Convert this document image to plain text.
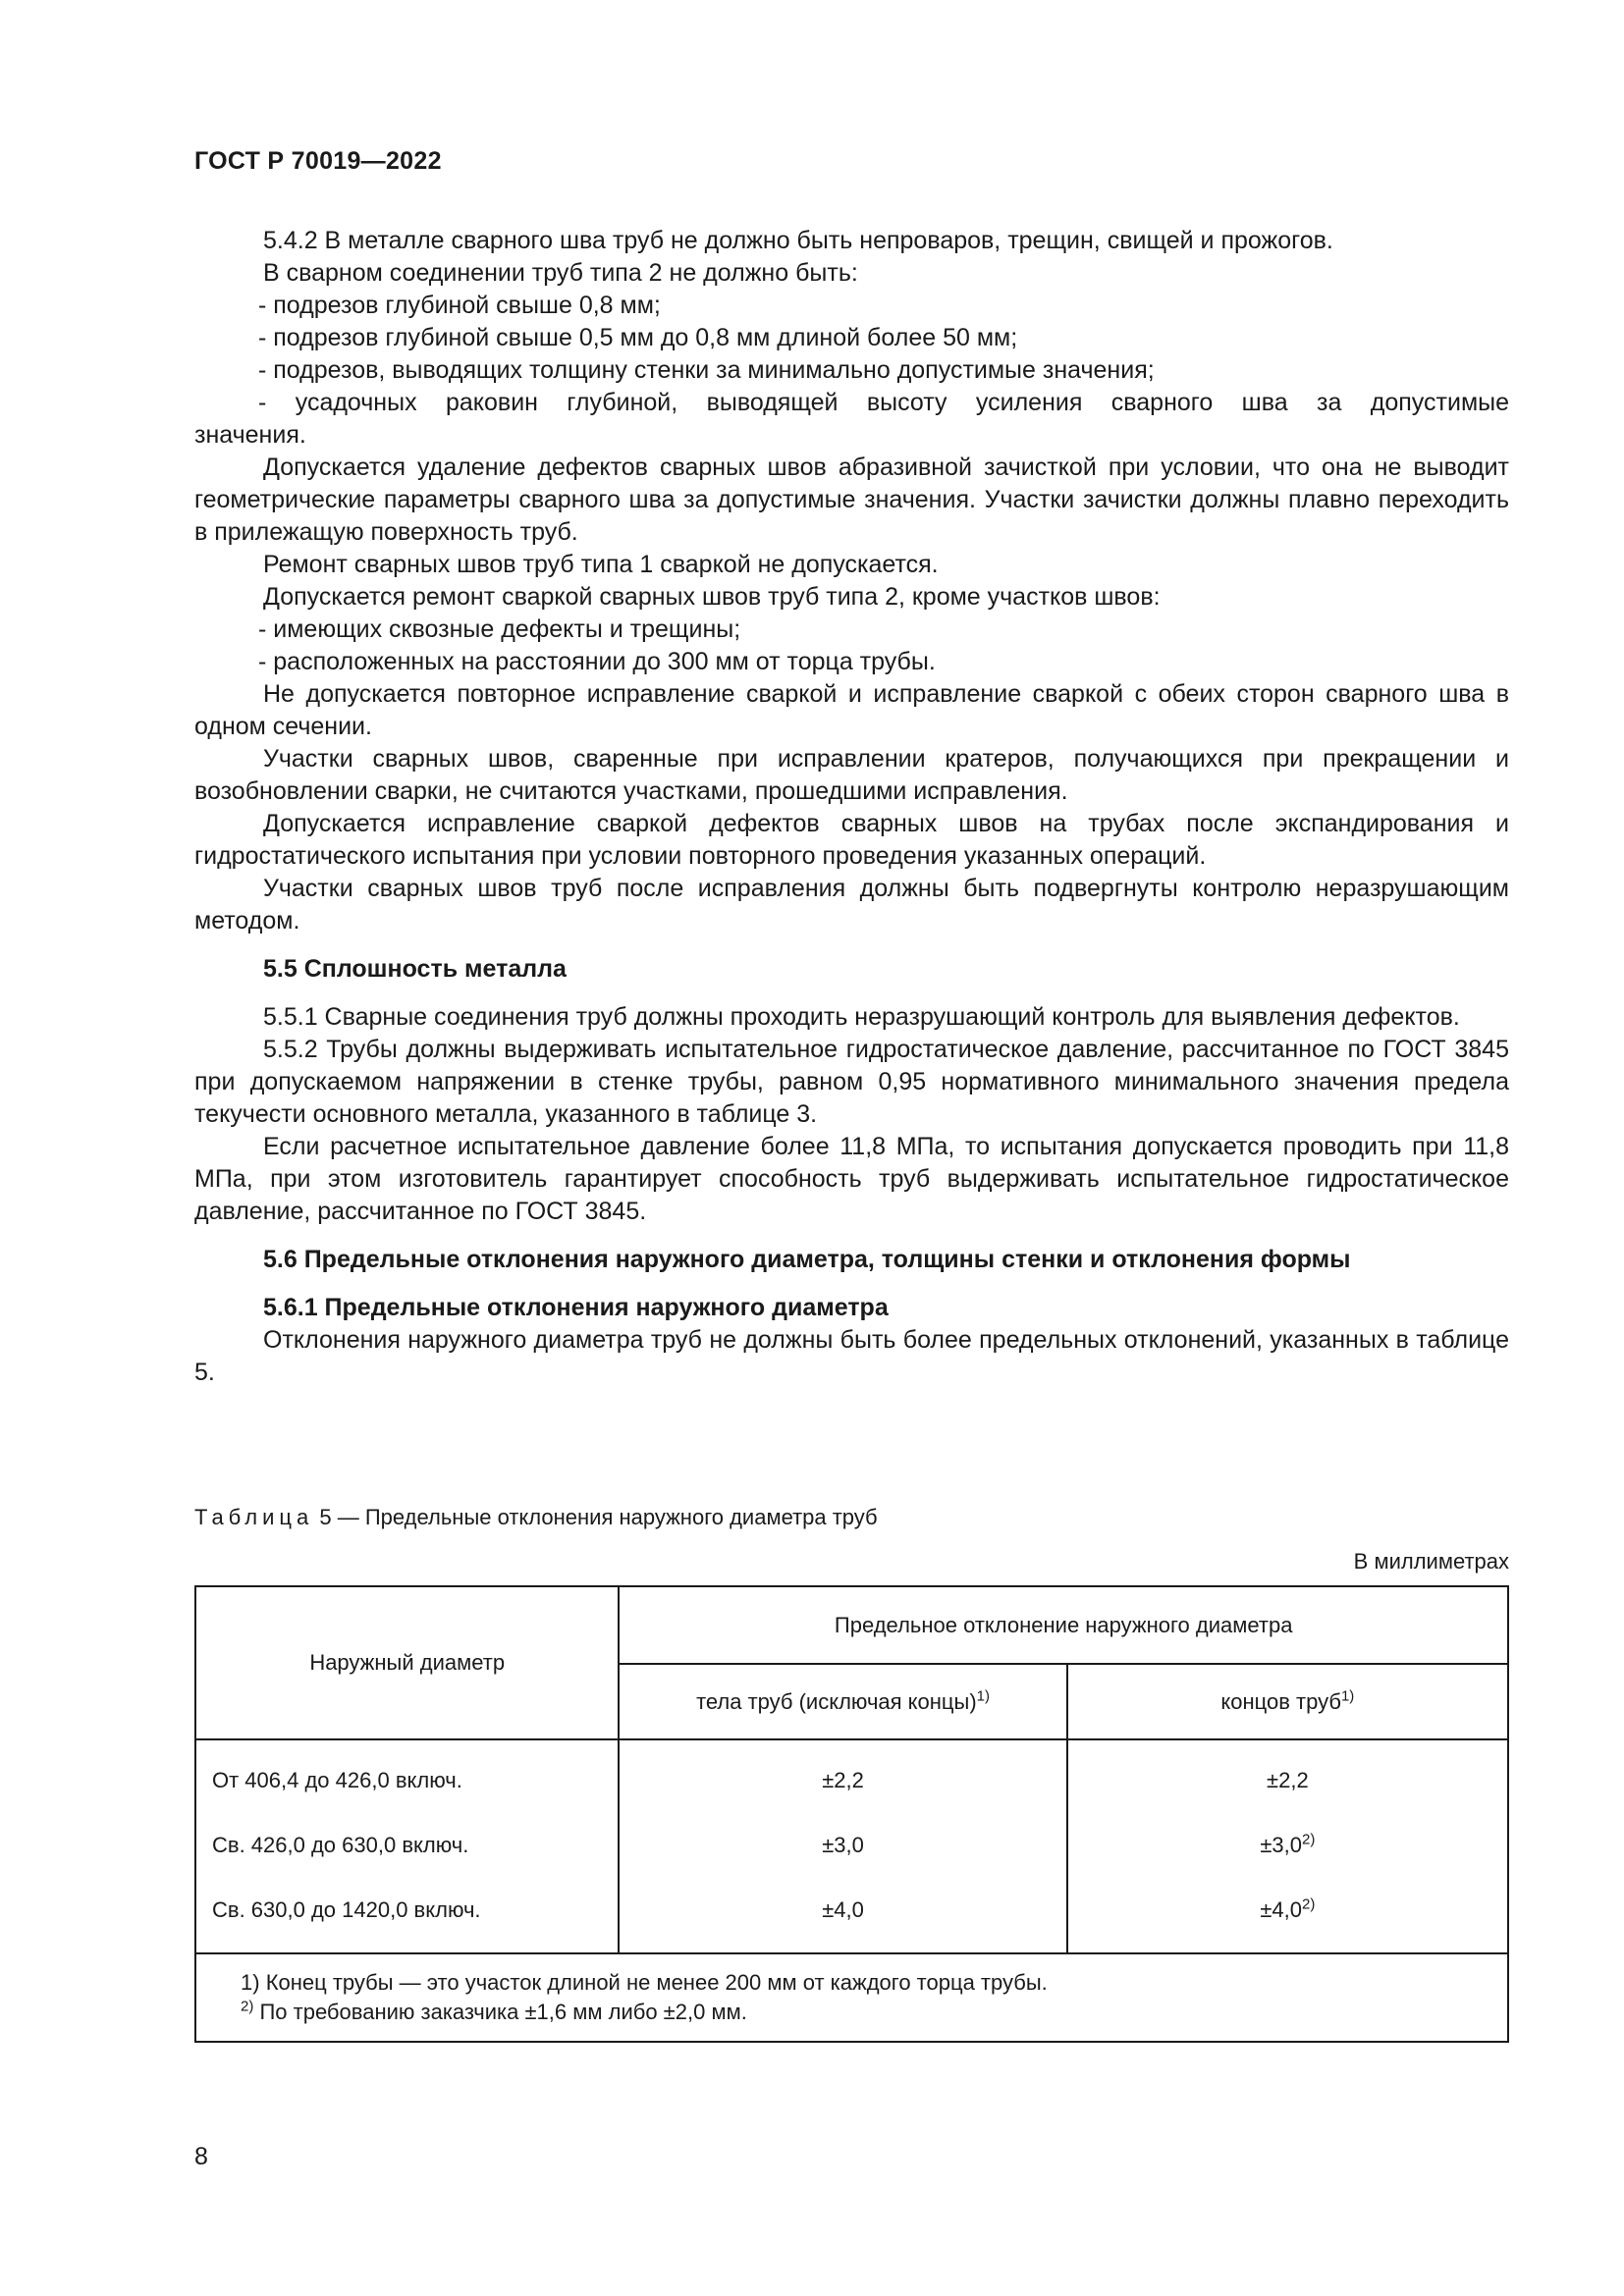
ГОСТ Р 70019—2022

5.4.2 В металле сварного шва труб не должно быть непроваров, трещин, свищей и прожогов.

В сварном соединении труб типа 2 не должно быть:

- подрезов глубиной свыше 0,8 мм;

- подрезов глубиной свыше 0,5 мм до 0,8 мм длиной более 50 мм;

- подрезов, выводящих толщину стенки за минимально допустимые значения;

- усадочных раковин глубиной, выводящей высоту усиления сварного шва за допустимые

значения.

Допускается удаление дефектов сварных швов абразивной зачисткой при условии, что она не выводит геометрические параметры сварного шва за допустимые значения. Участки зачистки должны плавно переходить в прилежащую поверхность труб.

Ремонт сварных швов труб типа 1 сваркой не допускается.

Допускается ремонт сваркой сварных швов труб типа 2, кроме участков швов:

- имеющих сквозные дефекты и трещины;

- расположенных на расстоянии до 300 мм от торца трубы.

Не допускается повторное исправление сваркой и исправление сваркой с обеих сторон сварного шва в одном сечении.

Участки сварных швов, сваренные при исправлении кратеров, получающихся при прекращении и возобновлении сварки, не считаются участками, прошедшими исправления.

Допускается исправление сваркой дефектов сварных швов на трубах после экспандирования и гидростатического испытания при условии повторного проведения указанных операций.

Участки сварных швов труб после исправления должны быть подвергнуты контролю неразрушающим методом.

5.5 Сплошность металла

5.5.1 Сварные соединения труб должны проходить неразрушающий контроль для выявления дефектов.

5.5.2 Трубы должны выдерживать испытательное гидростатическое давление, рассчитанное по ГОСТ 3845 при допускаемом напряжении в стенке трубы, равном 0,95 нормативного минимального значения предела текучести основного металла, указанного в таблице 3.

Если расчетное испытательное давление более 11,8 МПа, то испытания допускается проводить при 11,8 МПа, при этом изготовитель гарантирует способность труб выдерживать испытательное гидростатическое давление, рассчитанное по ГОСТ 3845.

5.6 Предельные отклонения наружного диаметра, толщины стенки и отклонения формы

5.6.1 Предельные отклонения наружного диаметра

Отклонения наружного диаметра труб не должны быть более предельных отклонений, указанных в таблице 5.

Таблица 5 — Предельные отклонения наружного диаметра труб
В миллиметрах
Наружный диаметр	Предельное отклонение наружного диаметра	
	тела труб (исключая концы)$^{1)}$	концов труб$^{1)}$
От 406,4 до 426,0 включ.	±2,2	±2,2
Св. 426,0 до 630,0 включ.	±3,0	$\pm 3,0^{2)}$
Св. 630,0 до 1420,0 включ.	±4,0	$\pm 4,0^{2)}$

1) Конец трубы — это участок длиной не менее 200 мм от каждого торца трубы.
$^{2)}$ По требованию заказчика ±1,6 мм либо ±2,0 мм.		
8
